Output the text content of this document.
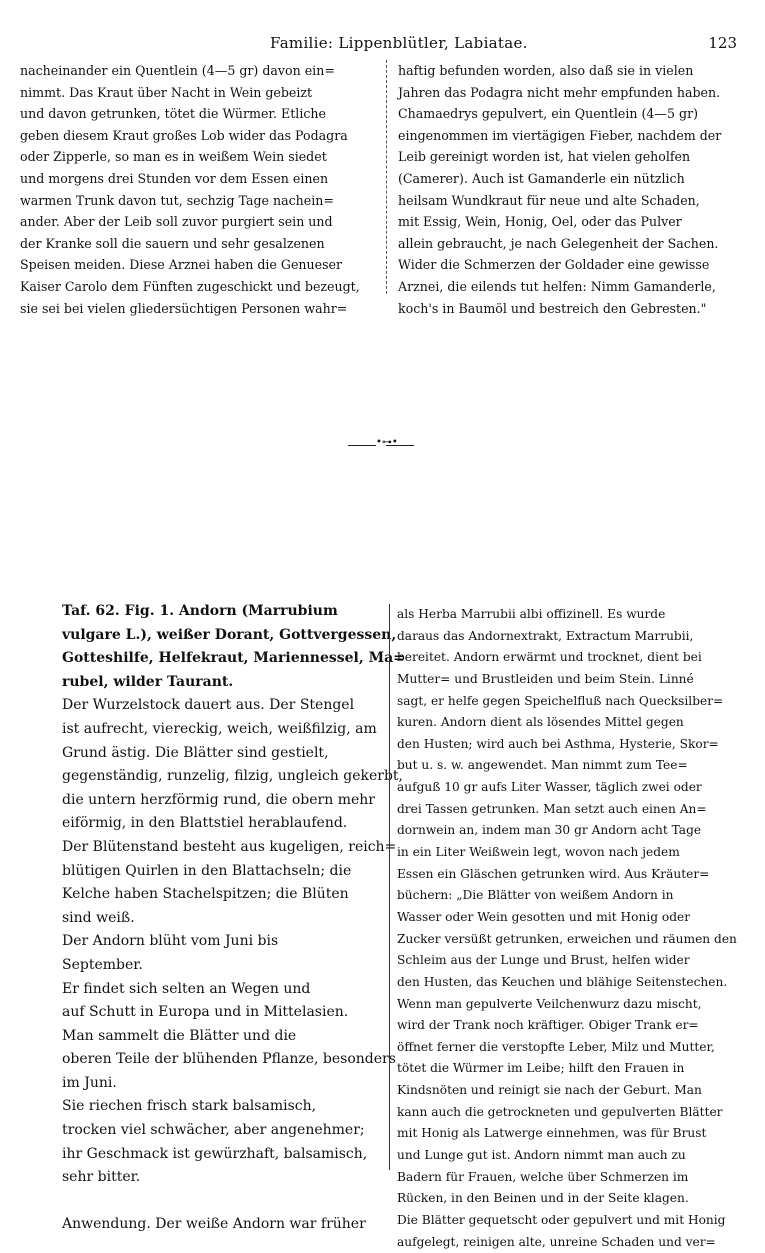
Familie: Lippenblütler, Labiatae.	123
nacheinander ein Quentlein (4—5 gr) davon ein=
nimmt. Das Kraut über Nacht in Wein gebeizt
und davon getrunken, tötet die Würmer. Etliche
geben diesem Kraut großes Lob wider das Podagra
oder Zipperle, so man es in weißem Wein siedet
und morgens drei Stunden vor dem Essen einen
warmen Trunk davon tut, sechzig Tage nachein=
ander. Aber der Leib soll zuvor purgiert sein und
der Kranke soll die sauern und sehr gesalzenen
Speisen meiden. Diese Arznei haben die Genueser
Kaiser Carolo dem Fünften zugeschickt und bezeugt,
sie sei bei vielen gliedersüchtigen Personen wahr=
haftig befunden worden, also daß sie in vielen
Jahren das Podagra nicht mehr empfunden haben.
Chamaedrys gepulvert, ein Quentlein (4—5 gr)
eingenommen im viertägigen Fieber, nachdem der
Leib gereinigt worden ist, hat vielen geholfen
(Camerer). Auch ist Gamanderle ein nützlich
heilsam Wundkraut für neue und alte Schaden,
mit Essig, Wein, Honig, Oel, oder das Pulver
allein gebraucht, je nach Gelegenheit der Sachen.
Wider die Schmerzen der Goldader eine gewisse
Arznei, die eilends tut helfen: Nimm Gamanderle,
koch's in Baumöl und bestreich den Gebresten."
•⊶•
Taf. 62. Fig. 1. Andorn (Marrubium
vulgare L.), weißer Dorant, Gottvergessen,
Gotteshilfe, Helfekraut, Mariennessel, Ma=
rubel, wilder Taurant.
Der Wurzelstock dauert aus. Der Stengel
ist aufrecht, viereckig, weich, weißfilzig, am
Grund ästig. Die Blätter sind gestielt,
gegenständig, runzelig, filzig, ungleich gekerbt,
die untern herzförmig rund, die obern mehr
eiförmig, in den Blattstiel herablaufend.
Der Blütenstand besteht aus kugeligen, reich=
blütigen Quirlen in den Blattachseln; die
Kelche haben Stachelspitzen; die Blüten
sind weiß.
Der Andorn blüht vom Juni bis
September.
Er findet sich selten an Wegen und
auf Schutt in Europa und in Mittelasien.
Man sammelt die Blätter und die
oberen Teile der blühenden Pflanze, besonders
im Juni.
Sie riechen frisch stark balsamisch,
trocken viel schwächer, aber angenehmer;
ihr Geschmack ist gewürzhaft, balsamisch,
sehr bitter.
Anwendung. Der weiße Andorn war früher
als Herba Marrubii albi offizinell. Es wurde
daraus das Andornextrakt, Extractum Marrubii,
bereitet. Andorn erwärmt und trocknet, dient bei
Mutter= und Brustleiden und beim Stein. Linné
sagt, er helfe gegen Speichelfluß nach Quecksilber=
kuren. Andorn dient als lösendes Mittel gegen
den Husten; wird auch bei Asthma, Hysterie, Skor=
but u. s. w. angewendet. Man nimmt zum Tee=
aufguß 10 gr aufs Liter Wasser, täglich zwei oder
drei Tassen getrunken. Man setzt auch einen An=
dornwein an, indem man 30 gr Andorn acht Tage
in ein Liter Weißwein legt, wovon nach jedem
Essen ein Gläschen getrunken wird. Aus Kräuter=
büchern: „Die Blätter von weißem Andorn in
Wasser oder Wein gesotten und mit Honig oder
Zucker versüßt getrunken, erweichen und räumen den
Schleim aus der Lunge und Brust, helfen wider
den Husten, das Keuchen und blähige Seitenstechen.
Wenn man gepulverte Veilchenwurz dazu mischt,
wird der Trank noch kräftiger. Obiger Trank er=
öffnet ferner die verstopfte Leber, Milz und Mutter,
tötet die Würmer im Leibe; hilft den Frauen in
Kindsnöten und reinigt sie nach der Geburt. Man
kann auch die getrockneten und gepulverten Blätter
mit Honig als Latwerge einnehmen, was für Brust
und Lunge gut ist. Andorn nimmt man auch zu
Badern für Frauen, welche über Schmerzen im
Rücken, in den Beinen und in der Seite klagen.
Die Blätter gequetscht oder gepulvert und mit Honig
aufgelegt, reinigen alte, unreine Schaden und ver=
